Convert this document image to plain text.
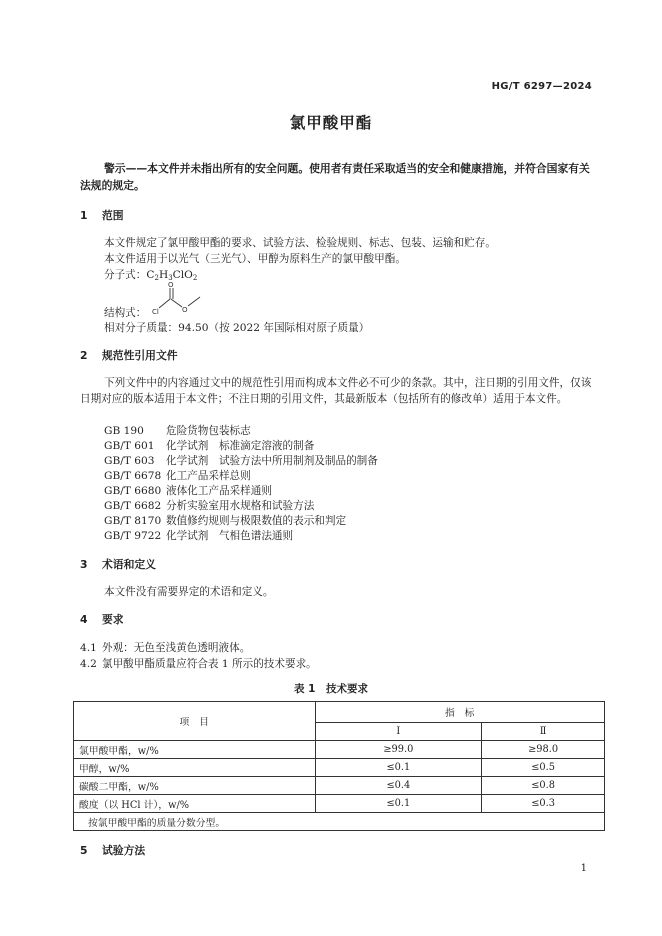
HG/T 6297—2024
氯甲酸甲酯
警示——本文件并未指出所有的安全问题。使用者有责任采取适当的安全和健康措施，并符合国家有关法规的规定。
1 范围
本文件规定了氯甲酸甲酯的要求、试验方法、检验规则、标志、包装、运输和贮存。
本文件适用于以光气（三光气）、甲醇为原料生产的氯甲酸甲酯。
分子式：C2H3ClO2
Cl
O
O
结构式：
相对分子质量：94.50（按 2022 年国际相对原子质量）
2 规范性引用文件
下列文件中的内容通过文中的规范性引用而构成本文件必不可少的条款。其中，注日期的引用文件，仅该日期对应的版本适用于本文件；不注日期的引用文件，其最新版本（包括所有的修改单）适用于本文件。
GB 190 危险货物包装标志
GB/T 601 化学试剂　标准滴定溶液的制备
GB/T 603 化学试剂　试验方法中所用制剂及制品的制备
GB/T 6678 化工产品采样总则
GB/T 6680 液体化工产品采样通则
GB/T 6682 分析实验室用水规格和试验方法
GB/T 8170 数值修约规则与极限数值的表示和判定
GB/T 9722 化学试剂　气相色谱法通则
3 术语和定义
本文件没有需要界定的术语和定义。
4 要求
4.1 外观：无色至浅黄色透明液体。
4.2 氯甲酸甲酯质量应符合表 1 所示的技术要求。
表 1　技术要求
项　目	指　标	
	Ⅰ	Ⅱ
氯甲酸甲酯，w/%	≥99.0	≥98.0
甲醇，w/%	≤0.1	≤0.5
碳酸二甲酯，w/%	≤0.4	≤0.8
酸度（以 HCl 计），w/%	≤0.1	≤0.3
按氯甲酸甲酯的质量分数分型。		
5 试验方法
1
